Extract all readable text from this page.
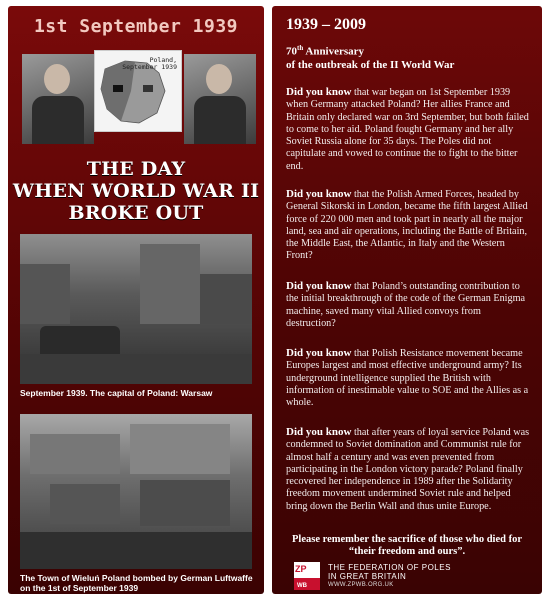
1st September 1939
Poland,
September 1939
THE DAY
WHEN WORLD WAR II
BROKE OUT
September 1939. The capital of Poland: Warsaw
The Town of Wieluń Poland bombed by German Luftwaffe
on the 1st of September 1939
1939 – 2009
70th Anniversary
of the outbreak of the II World War
Did you know that war began on 1st September 1939 when Germany attacked Poland? Her allies France and Britain only declared war on 3rd September, but both failed to come to her aid. Poland fought Germany and her ally Soviet Russia alone for 35 days. The Poles did not capitulate and vowed to continue the to fight to the bitter end.
Did you know that the Polish Armed Forces, headed by General Sikorski in London, became the fifth largest Allied force of 220 000 men and took part in nearly all the major land, sea and air operations, including the Battle of Britain, the Middle East, the Atlantic, in Italy and the Western Front?
Did you know that Poland’s outstanding contribution to the initial breakthrough of the code of the German Enigma machine, saved many vital Allied convoys from destruction?
Did you know that Polish Resistance movement became Europes largest and most effective underground army? Its underground intelligence supplied the British with information of inestimable value to SOE and the Allies as a whole.
Did you know that after years of loyal service Poland was condemned to Soviet domination and Communist rule for almost half a century and was even prevented from participating in the London victory parade? Poland finally recovered her independence in 1989 after the Solidarity freedom movement undermined Soviet rule and helped bring down the Berlin Wall and thus unite Europe.
Please remember the sacrifice of those who died for
“their freedom and ours”.
ZP
WB
THE FEDERATION OF POLES
IN GREAT BRITAIN
WWW.ZPWB.ORG.UK
